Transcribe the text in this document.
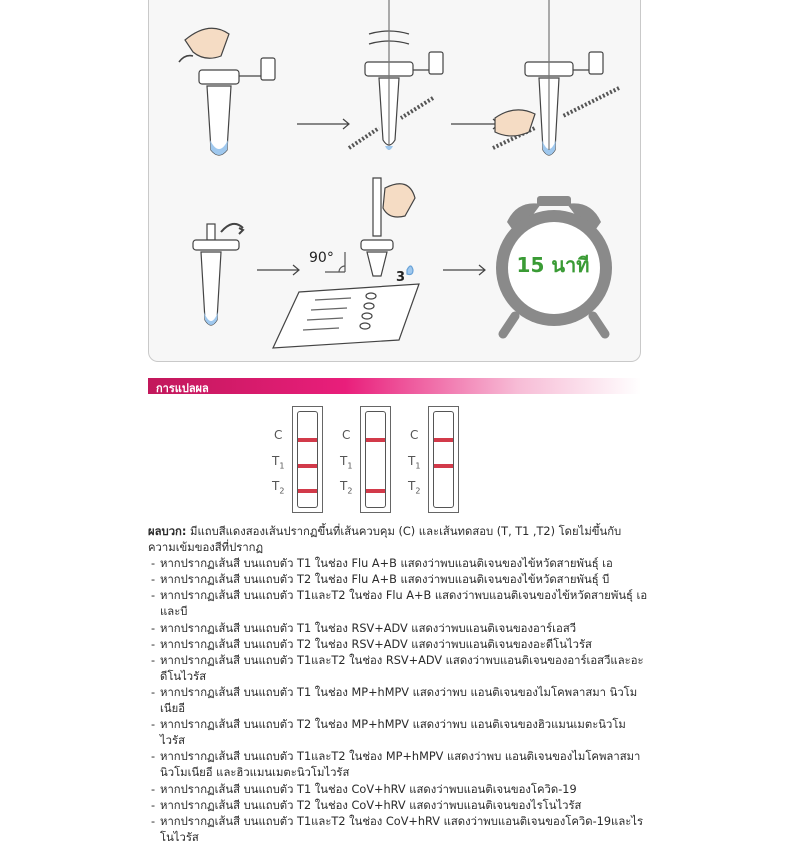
90°
3
15 นาที
การแปลผล
C
$T_1$
$T_2$
C
$T_1$
$T_2$
C
$T_1$
$T_2$

ผลบวก: มีแถบสีแดงสองเส้นปรากฏขึ้นที่เส้นควบคุม (C) และเส้นทดสอบ (T, T1 ,T2) โดยไม่ขึ้นกับความเข้มของสีที่ปรากฏ

- หากปรากฏเส้นสี บนแถบตัว T1 ในช่อง Flu A+B แสดงว่าพบแอนติเจนของไข้หวัดสายพันธุ์ เอ
- หากปรากฏเส้นสี บนแถบตัว T2 ในช่อง Flu A+B แสดงว่าพบแอนติเจนของไข้หวัดสายพันธุ์ บี
- หากปรากฏเส้นสี บนแถบตัว T1และT2 ในช่อง Flu A+B แสดงว่าพบแอนติเจนของไข้หวัดสายพันธุ์ เอและบี
- หากปรากฏเส้นสี บนแถบตัว T1 ในช่อง RSV+ADV แสดงว่าพบแอนติเจนของอาร์เอสวี
- หากปรากฏเส้นสี บนแถบตัว T2 ในช่อง RSV+ADV แสดงว่าพบแอนติเจนของอะดีโนไวรัส
- หากปรากฏเส้นสี บนแถบตัว T1และT2 ในช่อง RSV+ADV แสดงว่าพบแอนติเจนของอาร์เอสวีและอะดีโนไวรัส
- หากปรากฏเส้นสี บนแถบตัว T1 ในช่อง MP+hMPV แสดงว่าพบ แอนติเจนของไมโคพลาสมา นิวโมเนียอี
- หากปรากฏเส้นสี บนแถบตัว T2 ในช่อง MP+hMPV แสดงว่าพบ แอนติเจนของฮิวแมนเมตะนิวโมไวรัส
- หากปรากฏเส้นสี บนแถบตัว T1และT2 ในช่อง MP+hMPV แสดงว่าพบ แอนติเจนของไมโคพลาสมา นิวโมเนียอี และฮิวแมนเมตะนิวโมไวรัส
- หากปรากฏเส้นสี บนแถบตัว T1 ในช่อง CoV+hRV แสดงว่าพบแอนติเจนของโควิด-19
- หากปรากฏเส้นสี บนแถบตัว T2 ในช่อง CoV+hRV แสดงว่าพบแอนติเจนของไรโนไวรัส
- หากปรากฏเส้นสี บนแถบตัว T1และT2 ในช่อง CoV+hRV แสดงว่าพบแอนติเจนของโควิด-19และไรโนไวรัส
